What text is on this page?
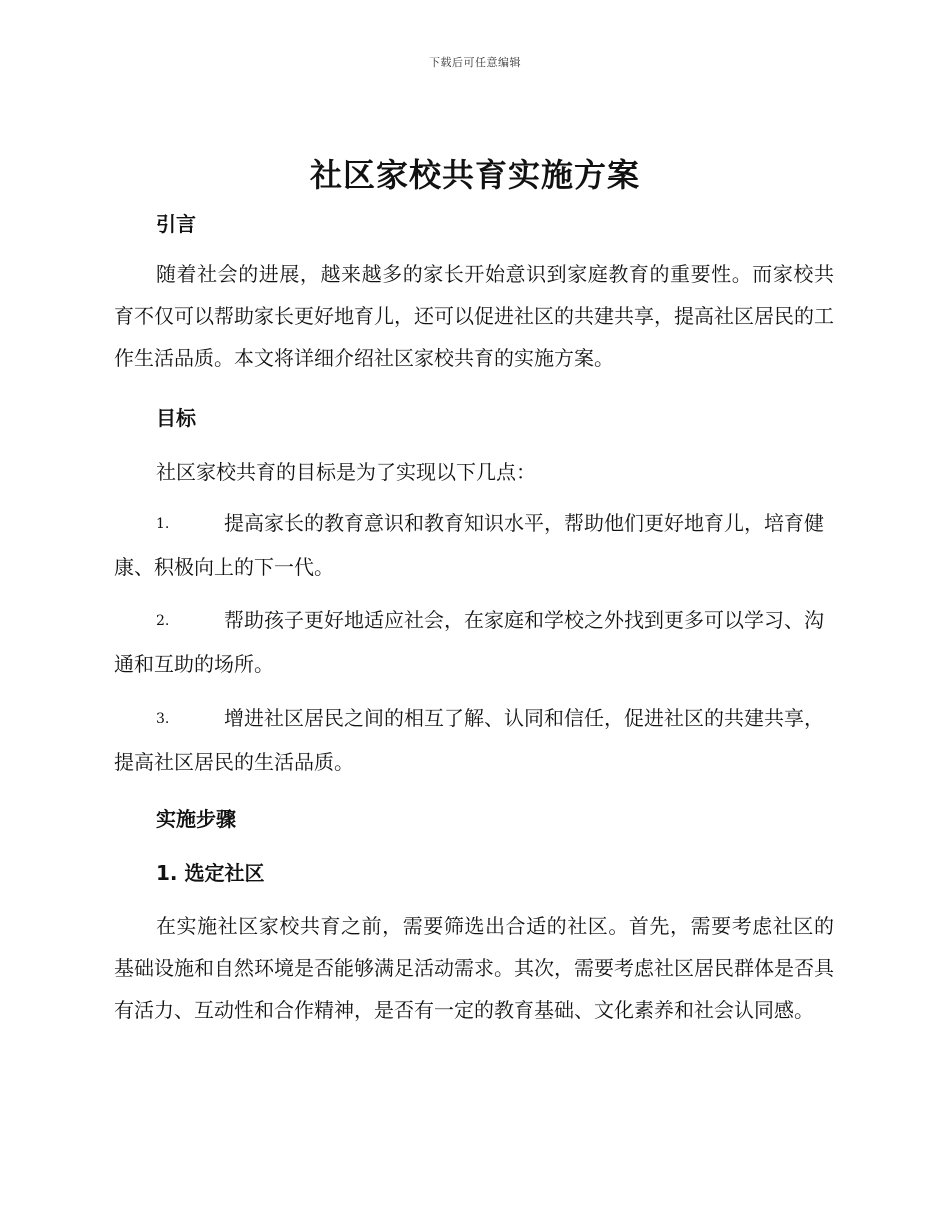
下载后可任意编辑
社区家校共育实施方案
引言
随着社会的进展，越来越多的家长开始意识到家庭教育的重要性。而家校共育不仅可以帮助家长更好地育儿，还可以促进社区的共建共享，提高社区居民的工作生活品质。本文将详细介绍社区家校共育的实施方案。
目标
社区家校共育的目标是为了实现以下几点：
1.	提高家长的教育意识和教育知识水平，帮助他们更好地育儿，培育健康、积极向上的下一代。
2.	帮助孩子更好地适应社会，在家庭和学校之外找到更多可以学习、沟通和互助的场所。
3.	增进社区居民之间的相互了解、认同和信任，促进社区的共建共享，提高社区居民的生活品质。
实施步骤
1. 选定社区
在实施社区家校共育之前，需要筛选出合适的社区。首先，需要考虑社区的基础设施和自然环境是否能够满足活动需求。其次，需要考虑社区居民群体是否具有活力、互动性和合作精神，是否有一定的教育基础、文化素养和社会认同感。
